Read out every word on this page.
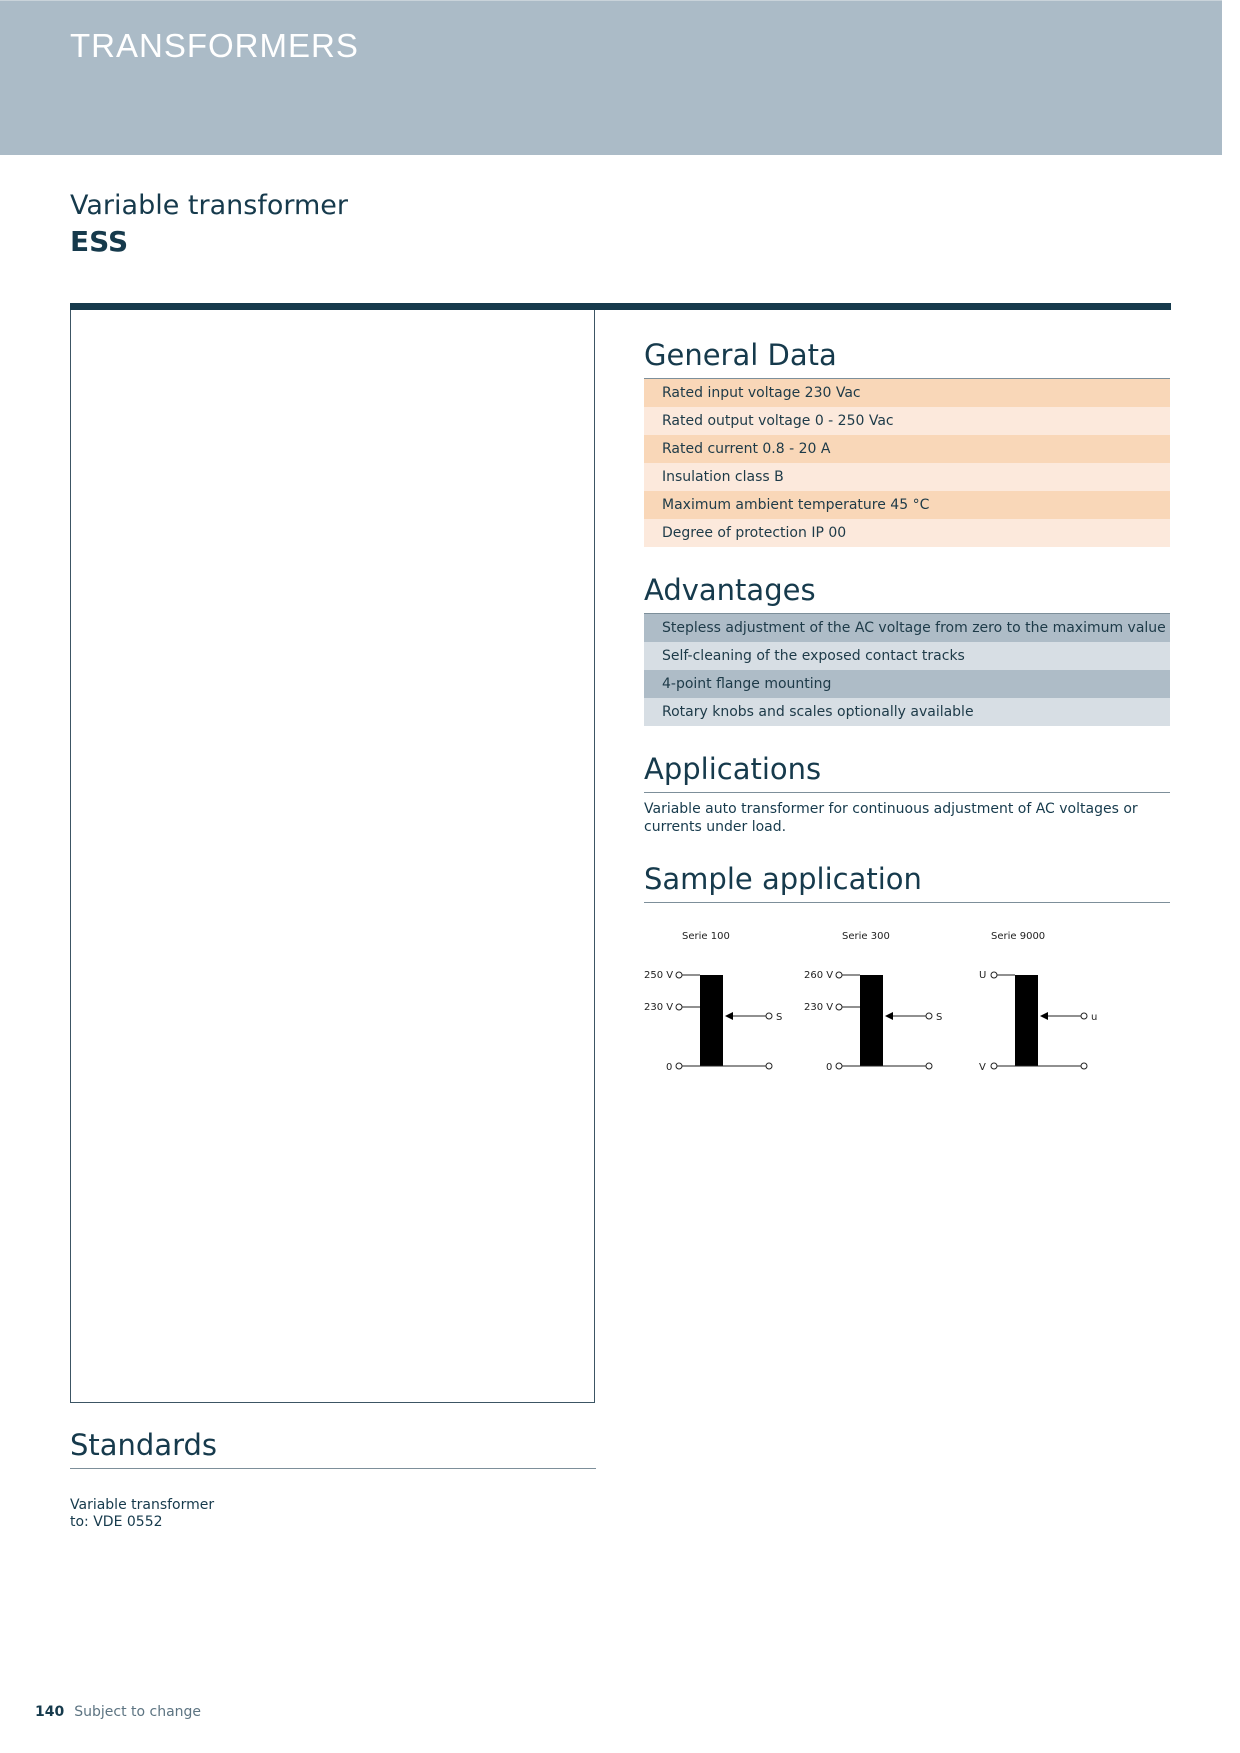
TRANSFORMERS
Variable transformer
ESS
General Data
Rated input voltage 230 Vac
Rated output voltage 0 - 250 Vac
Rated current 0.8 - 20 A
Insulation class B
Maximum ambient temperature 45 °C
Degree of protection IP 00
Advantages
Stepless adjustment of the AC voltage from zero to the maximum value
Self-cleaning of the exposed contact tracks
4-point flange mounting
Rotary knobs and scales optionally available
Applications
Variable auto transformer for continuous adjustment of AC voltages or currents under load.
Sample application
Serie 100
250 V
230 V
S
0
Serie 300
260 V
230 V
S
0
Serie 9000
U
u
V
Standards
Variable transformer
to: VDE 0552
140 Subject to change
